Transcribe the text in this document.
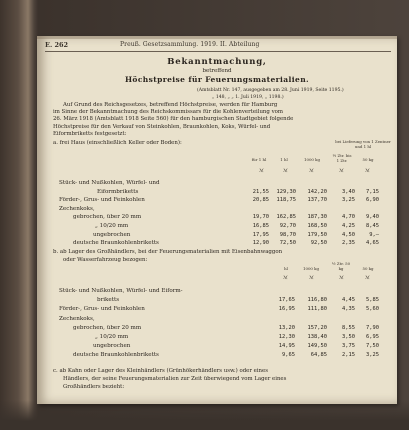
E. 262	Preuß. Gesetzsammlung. 1919. II. Abteilung
Bekanntmachung,
betreffend
Höchstpreise für Feuerungsmaterialien.
(Amtsblatt Nr. 147, ausgegeben am 28. Juni 1919, Seite 1195.)
„ 148, „ „ 1. Juli 1919, „ 1198.)
Auf Grund des Reichsgesetzes, betreffend Höchstpreise, werden für Hamburg
im Sinne der Bekanntmachung des Reichskommissars für die Kohlenverteilung vom
26. März 1918 (Amtsblatt 1918 Seite 560) für den hamburgischen Stadtgebiet folgende
Höchstpreise für den Verkauf von Steinkohlen, Braunkohlen, Koks, Würfel- und
Eiformbriketts festgesetzt:
a. frei Haus (einschließlich Keller oder Boden):	bei Lieferung von 1 Zentner und 1 hl
für 1 hl	1 hl	1000 kg
½ Ztr. bis 1 Ztr.	50 kg
ℳ	ℳ	ℳ	ℳ	ℳ
Stück- und Nußkohlen, Würfel- und
Eiformbriketts	21,55	129,30	142,20	3,40	7,15
Förder-, Grus- und Feinkohlen	20,85	118,75	137,70	3,25	6,90
Zechenkoks,
gebrochen, über 20 mm	19,70	162,85	187,30	4,70	9,40
„ 10/20 mm	16,85	92,70	168,50	4,25	8,45
ungebrochen	17,95	98,70	179,50	4,50	9,—
deutsche Braunkohlenbriketts	12,90	72,50	92,50	2,35	4,65
b. ab Lager des Großhändlers, bei der Feuerungsmaterialien mit Eisenbahnwaggon
oder Wasserfahrzeug bezogen:
hl	1000 kg
½ Ztr. 50 kg	50 kg
ℳ	ℳ	ℳ	ℳ
Stück- und Nußkohlen, Würfel- und Eiform-
briketts	17,65	116,80	4,45	5,85
Förder-, Grus- und Feinkohlen	16,95	111,80	4,35	5,60
Zechenkoks,
gebrochen, über 20 mm	13,20	157,20	8,55	7,90
„ 10/20 mm	12,30	138,40	3,50	6,95
ungebrochen	14,95	149,50	3,75	7,50
deutsche Braunkohlenbriketts	9,65	64,85	2,15	3,25
c. ab Kahn oder Lager des Kleinhändlers (Grünhökerhändlers usw.) oder eines
Händlers, der seine Feuerungsmaterialien zur Zeit überwiegend vom Lager eines
Großhändlers bezieht:
